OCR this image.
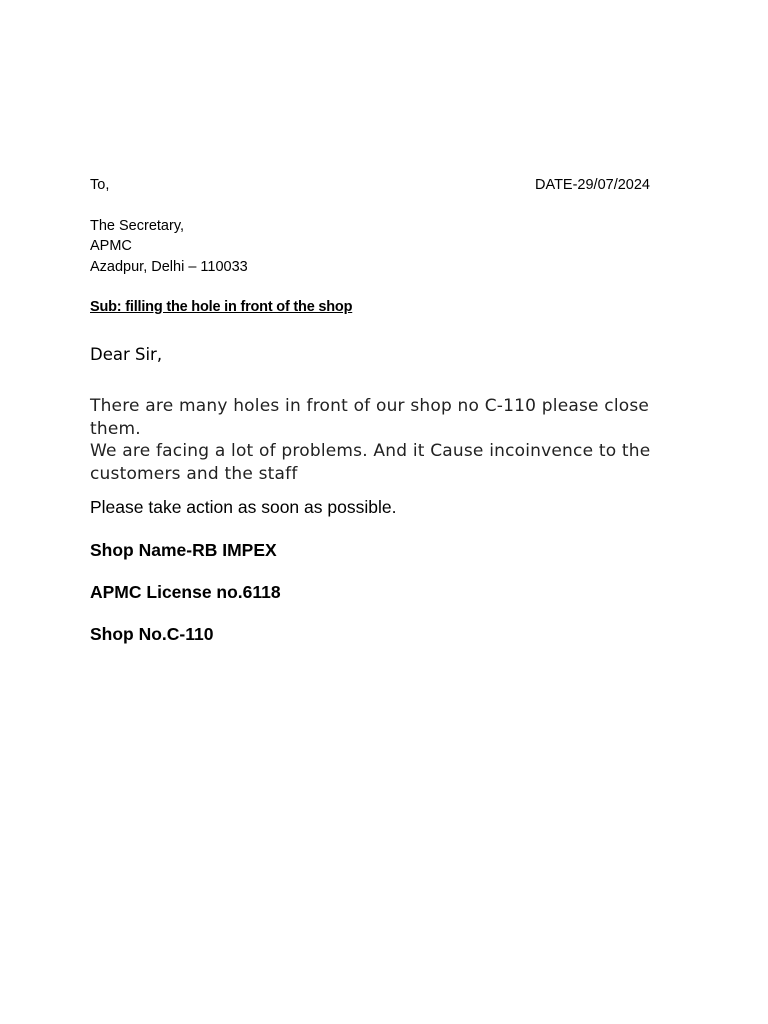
To,	DATE-29/07/2024
The Secretary,
APMC
Azadpur, Delhi – 110033
Sub: filling the hole in front of the shop
Dear Sir,

There are many holes in front of our shop no C-110 please close them.

We are facing a lot of problems. And it Cause incoinvence to the customers and the staff

Please take action as soon as possible.
Shop Name-RB IMPEX
APMC License no.6118
Shop No.C-110
